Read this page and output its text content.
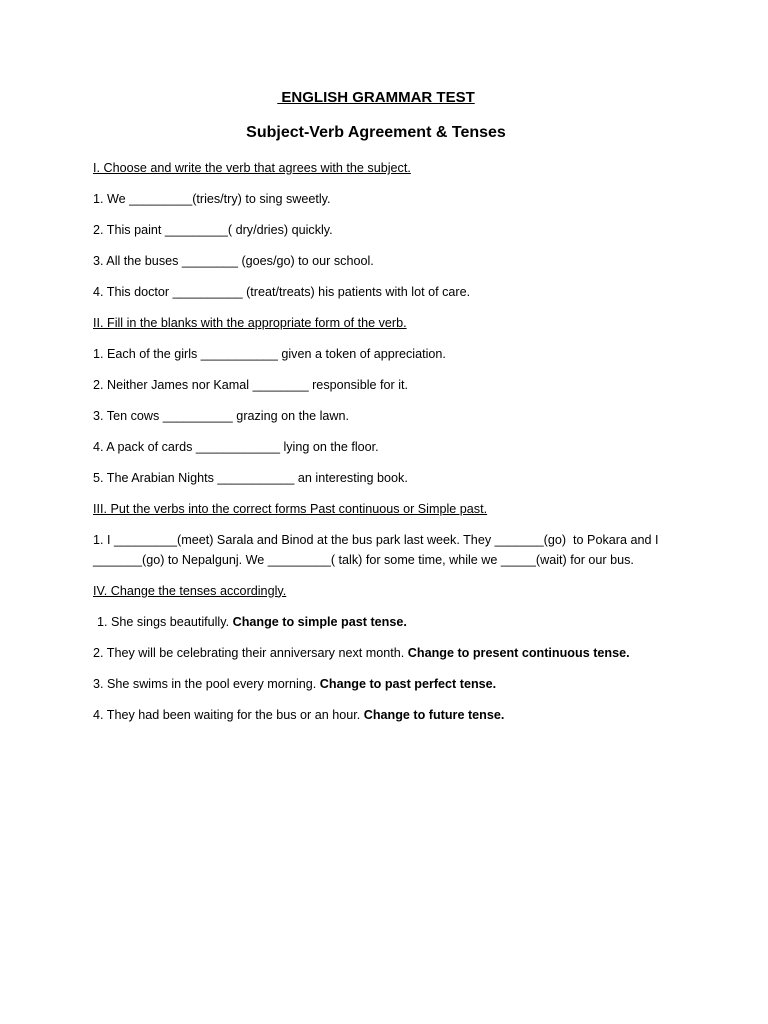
ENGLISH GRAMMAR TEST
Subject-Verb Agreement & Tenses
I. Choose and write the verb that agrees with the subject.
1. We _________(tries/try) to sing sweetly.
2. This paint _________( dry/dries) quickly.
3. All the buses ________ (goes/go) to our school.
4. This doctor __________ (treat/treats) his patients with lot of care.
II. Fill in the blanks with the appropriate form of the verb.
1. Each of the girls ___________ given a token of appreciation.
2. Neither James nor Kamal ________ responsible for it.
3. Ten cows __________ grazing on the lawn.
4. A pack of cards ____________ lying on the floor.
5. The Arabian Nights ___________ an interesting book.
III. Put the verbs into the correct forms Past continuous or Simple past.
1. I _________(meet) Sarala and Binod at the bus park last week. They _______(go)  to Pokara and I
_______(go) to Nepalgunj. We _________( talk) for some time, while we _____(wait) for our bus.
IV. Change the tenses accordingly.
1. She sings beautifully. Change to simple past tense.
2. They will be celebrating their anniversary next month. Change to present continuous tense.
3. She swims in the pool every morning. Change to past perfect tense.
4. They had been waiting for the bus or an hour. Change to future tense.
